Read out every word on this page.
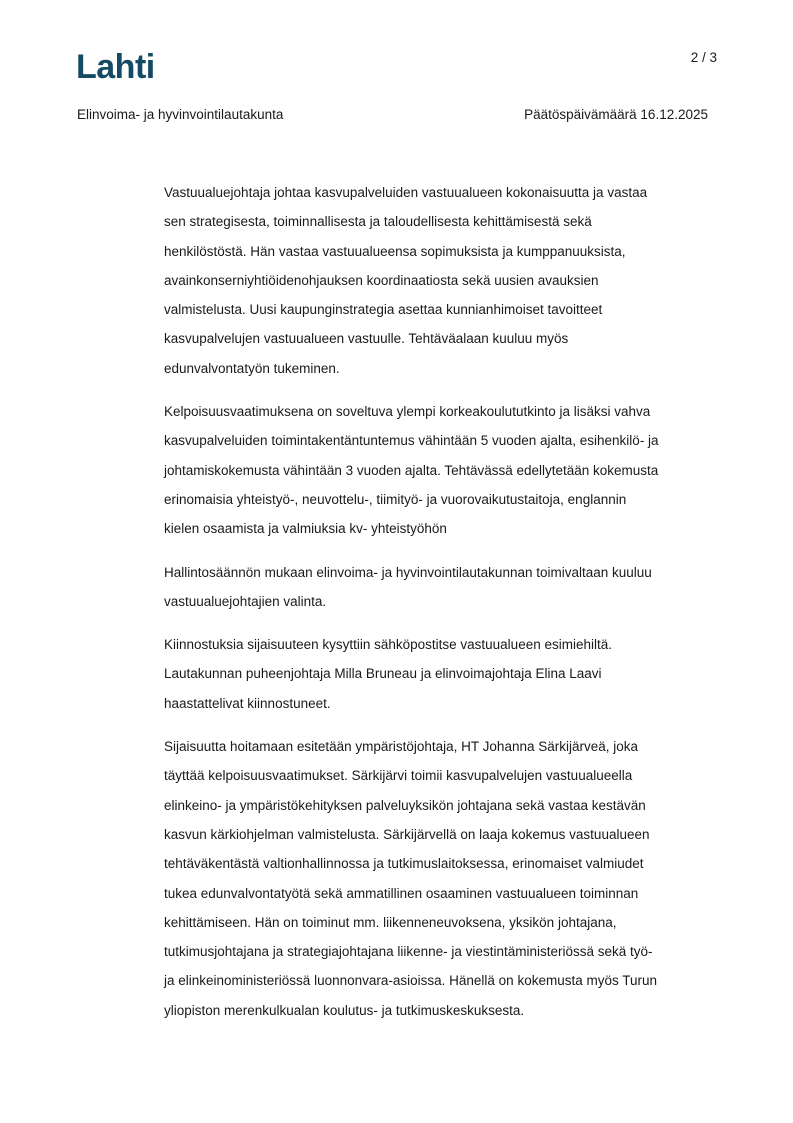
Lahti	2 / 3
Elinvoima- ja hyvinvointilautakunta	Päätöspäivämäärä 16.12.2025

Vastuualuejohtaja johtaa kasvupalveluiden vastuualueen kokonaisuutta ja vastaa
sen strategisesta, toiminnallisesta ja taloudellisesta kehittämisestä sekä
henkilöstöstä. Hän vastaa vastuualueensa sopimuksista ja kumppanuuksista,
avainkonserniyhtiöidenohjauksen koordinaatiosta sekä uusien avauksien
valmistelusta. Uusi kaupunginstrategia asettaa kunnianhimoiset tavoitteet
kasvupalvelujen vastuualueen vastuulle. Tehtäväalaan kuuluu myös
edunvalvontatyön tukeminen.

Kelpoisuusvaatimuksena on soveltuva ylempi korkeakoulututkinto ja lisäksi vahva
kasvupalveluiden toimintakentäntuntemus vähintään 5 vuoden ajalta, esihenkilö- ja
johtamiskokemusta vähintään 3 vuoden ajalta. Tehtävässä edellytetään kokemusta
erinomaisia yhteistyö-, neuvottelu-, tiimityö- ja vuorovaikutustaitoja, englannin
kielen osaamista ja valmiuksia kv- yhteistyöhön

Hallintosäännön mukaan elinvoima- ja hyvinvointilautakunnan toimivaltaan kuuluu
vastuualuejohtajien valinta.

Kiinnostuksia sijaisuuteen kysyttiin sähköpostitse vastuualueen esimiehiltä.
Lautakunnan puheenjohtaja Milla Bruneau ja elinvoimajohtaja Elina Laavi
haastattelivat kiinnostuneet.

Sijaisuutta hoitamaan esitetään ympäristöjohtaja, HT Johanna Särkijärveä, joka
täyttää kelpoisuusvaatimukset. Särkijärvi toimii kasvupalvelujen vastuualueella
elinkeino- ja ympäristökehityksen palveluyksikön johtajana sekä vastaa kestävän
kasvun kärkiohjelman valmistelusta. Särkijärvellä on laaja kokemus vastuualueen
tehtäväkentästä valtionhallinnossa ja tutkimuslaitoksessa, erinomaiset valmiudet
tukea edunvalvontatyötä sekä ammatillinen osaaminen vastuualueen toiminnan
kehittämiseen. Hän on toiminut mm. liikenneneuvoksena, yksikön johtajana,
tutkimusjohtajana ja strategiajohtajana liikenne- ja viestintäministeriössä sekä työ-
ja elinkeinoministeriössä luonnonvara-asioissa. Hänellä on kokemusta myös Turun
yliopiston merenkulkualan koulutus- ja tutkimuskeskuksesta.
